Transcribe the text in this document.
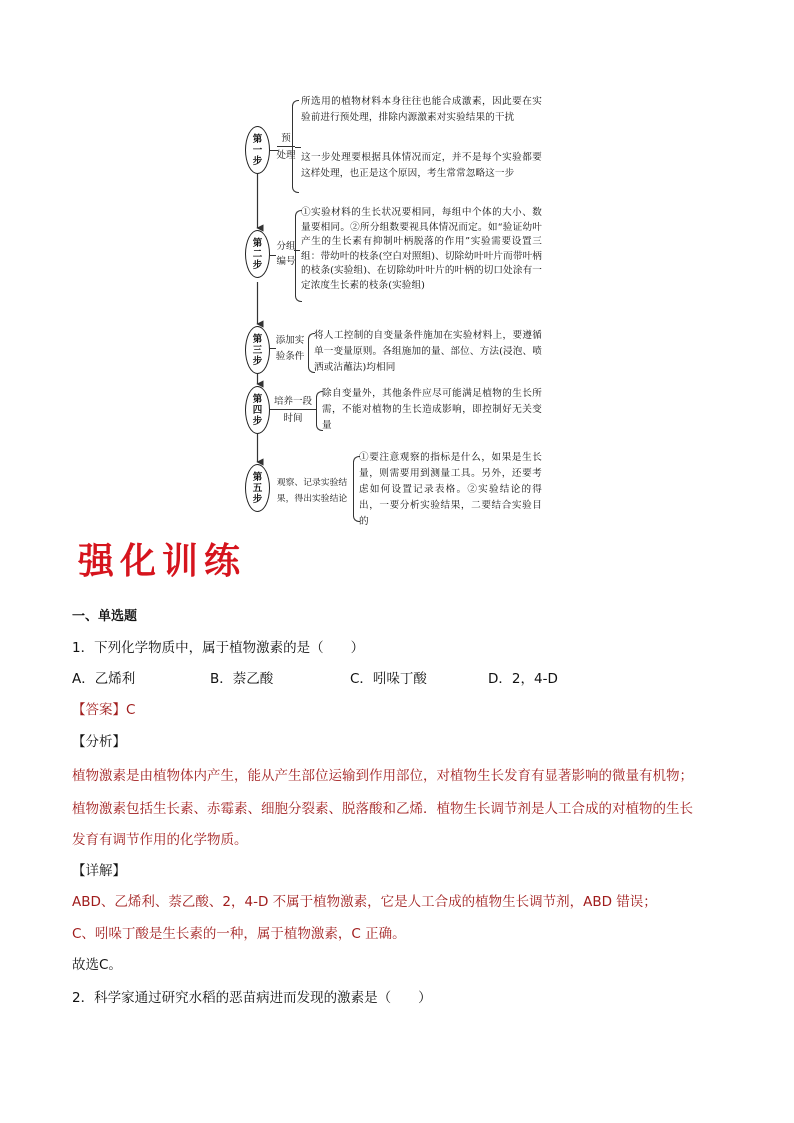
第
一
步
预
处理
所选用的植物材料本身往往也能合成激素，因此要在实验前进行预处理，排除内源激素对实验结果的干扰
这一步处理要根据具体情况而定，并不是每个实验都要这样处理，也正是这个原因，考生常常忽略这一步
第
二
步
分组
编号
①实验材料的生长状况要相同，每组中个体的大小、数量要相同。②所分组数要视具体情况而定。如“验证幼叶产生的生长素有抑制叶柄脱落的作用”实验需要设置三组：带幼叶的枝条(空白对照组)、切除幼叶叶片而带叶柄的枝条(实验组)、在切除幼叶叶片的叶柄的切口处涂有一定浓度生长素的枝条(实验组)
第
三
步
添加实
验条件
将人工控制的自变量条件施加在实验材料上，要遵循单一变量原则。各组施加的量、部位、方法(浸泡、喷洒或沾蘸法)均相同
第
四
步
培养一段
时间
除自变量外，其他条件应尽可能满足植物的生长所需，不能对植物的生长造成影响，即控制好无关变量
第
五
步
观察、记录实验结
果，得出实验结论
①要注意观察的指标是什么，如果是生长量，则需要用到测量工具。另外，还要考虑如何设置记录表格。②实验结论的得出，一要分析实验结果，二要结合实验目的
强化训练
一、单选题
1．下列化学物质中，属于植物激素的是（　　）
A．乙烯利	B．萘乙酸	C．吲哚丁酸	D．2，4-D
【答案】C
【分析】
植物激素是由植物体内产生，能从产生部位运输到作用部位，对植物生长发育有显著影响的微量有机物；
植物激素包括生长素、赤霉素、细胞分裂素、脱落酸和乙烯．植物生长调节剂是人工合成的对植物的生长
发育有调节作用的化学物质。
【详解】
ABD、乙烯利、萘乙酸、2，4-D 不属于植物激素，它是人工合成的植物生长调节剂，ABD 错误；
C、吲哚丁酸是生长素的一种，属于植物激素，C 正确。
故选C。
2．科学家通过研究水稻的恶苗病进而发现的激素是（　　）
